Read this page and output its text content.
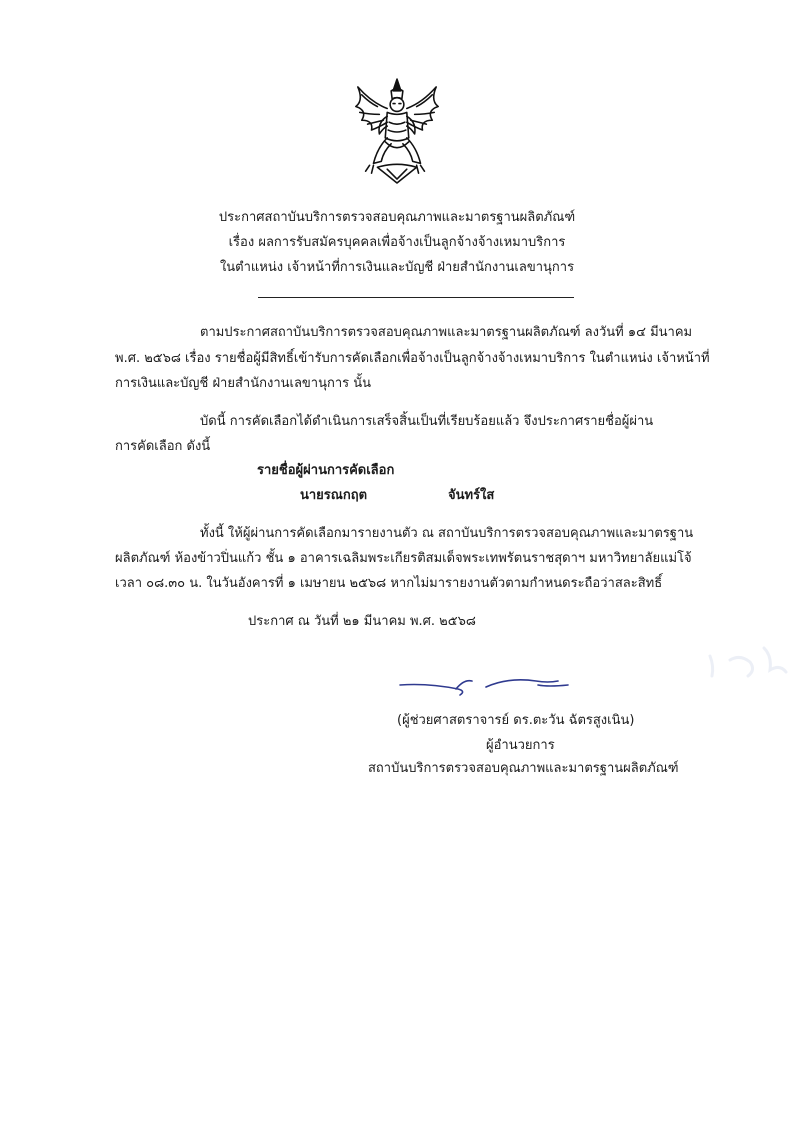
ประกาศสถาบันบริการตรวจสอบคุณภาพและมาตรฐานผลิตภัณฑ์
เรื่อง ผลการรับสมัครบุคคลเพื่อจ้างเป็นลูกจ้างจ้างเหมาบริการ
ในตำแหน่ง เจ้าหน้าที่การเงินและบัญชี ฝ่ายสำนักงานเลขานุการ
ตามประกาศสถาบันบริการตรวจสอบคุณภาพและมาตรฐานผลิตภัณฑ์ ลงวันที่ ๑๔ มีนาคม
พ.ศ. ๒๕๖๘ เรื่อง รายชื่อผู้มีสิทธิ์เข้ารับการคัดเลือกเพื่อจ้างเป็นลูกจ้างจ้างเหมาบริการ ในตำแหน่ง เจ้าหน้าที่
การเงินและบัญชี ฝ่ายสำนักงานเลขานุการ นั้น
บัดนี้ การคัดเลือกได้ดำเนินการเสร็จสิ้นเป็นที่เรียบร้อยแล้ว จึงประกาศรายชื่อผู้ผ่าน
การคัดเลือก ดังนี้
รายชื่อผู้ผ่านการคัดเลือก
นายรณกฤต	จันทร์ใส
ทั้งนี้ ให้ผู้ผ่านการคัดเลือกมารายงานตัว ณ สถาบันบริการตรวจสอบคุณภาพและมาตรฐาน
ผลิตภัณฑ์ ห้องข้าวปิ่นแก้ว ชั้น ๑ อาคารเฉลิมพระเกียรติสมเด็จพระเทพรัตนราชสุดาฯ มหาวิทยาลัยแม่โจ้
เวลา ๐๘.๓๐ น. ในวันอังคารที่ ๑ เมษายน ๒๕๖๘ หากไม่มารายงานตัวตามกำหนดระถือว่าสละสิทธิ์
ประกาศ ณ วันที่ ๒๑ มีนาคม พ.ศ. ๒๕๖๘
(ผู้ช่วยศาสตราจารย์ ดร.ตะวัน ฉัตรสูงเนิน)
ผู้อำนวยการ
สถาบันบริการตรวจสอบคุณภาพและมาตรฐานผลิตภัณฑ์
